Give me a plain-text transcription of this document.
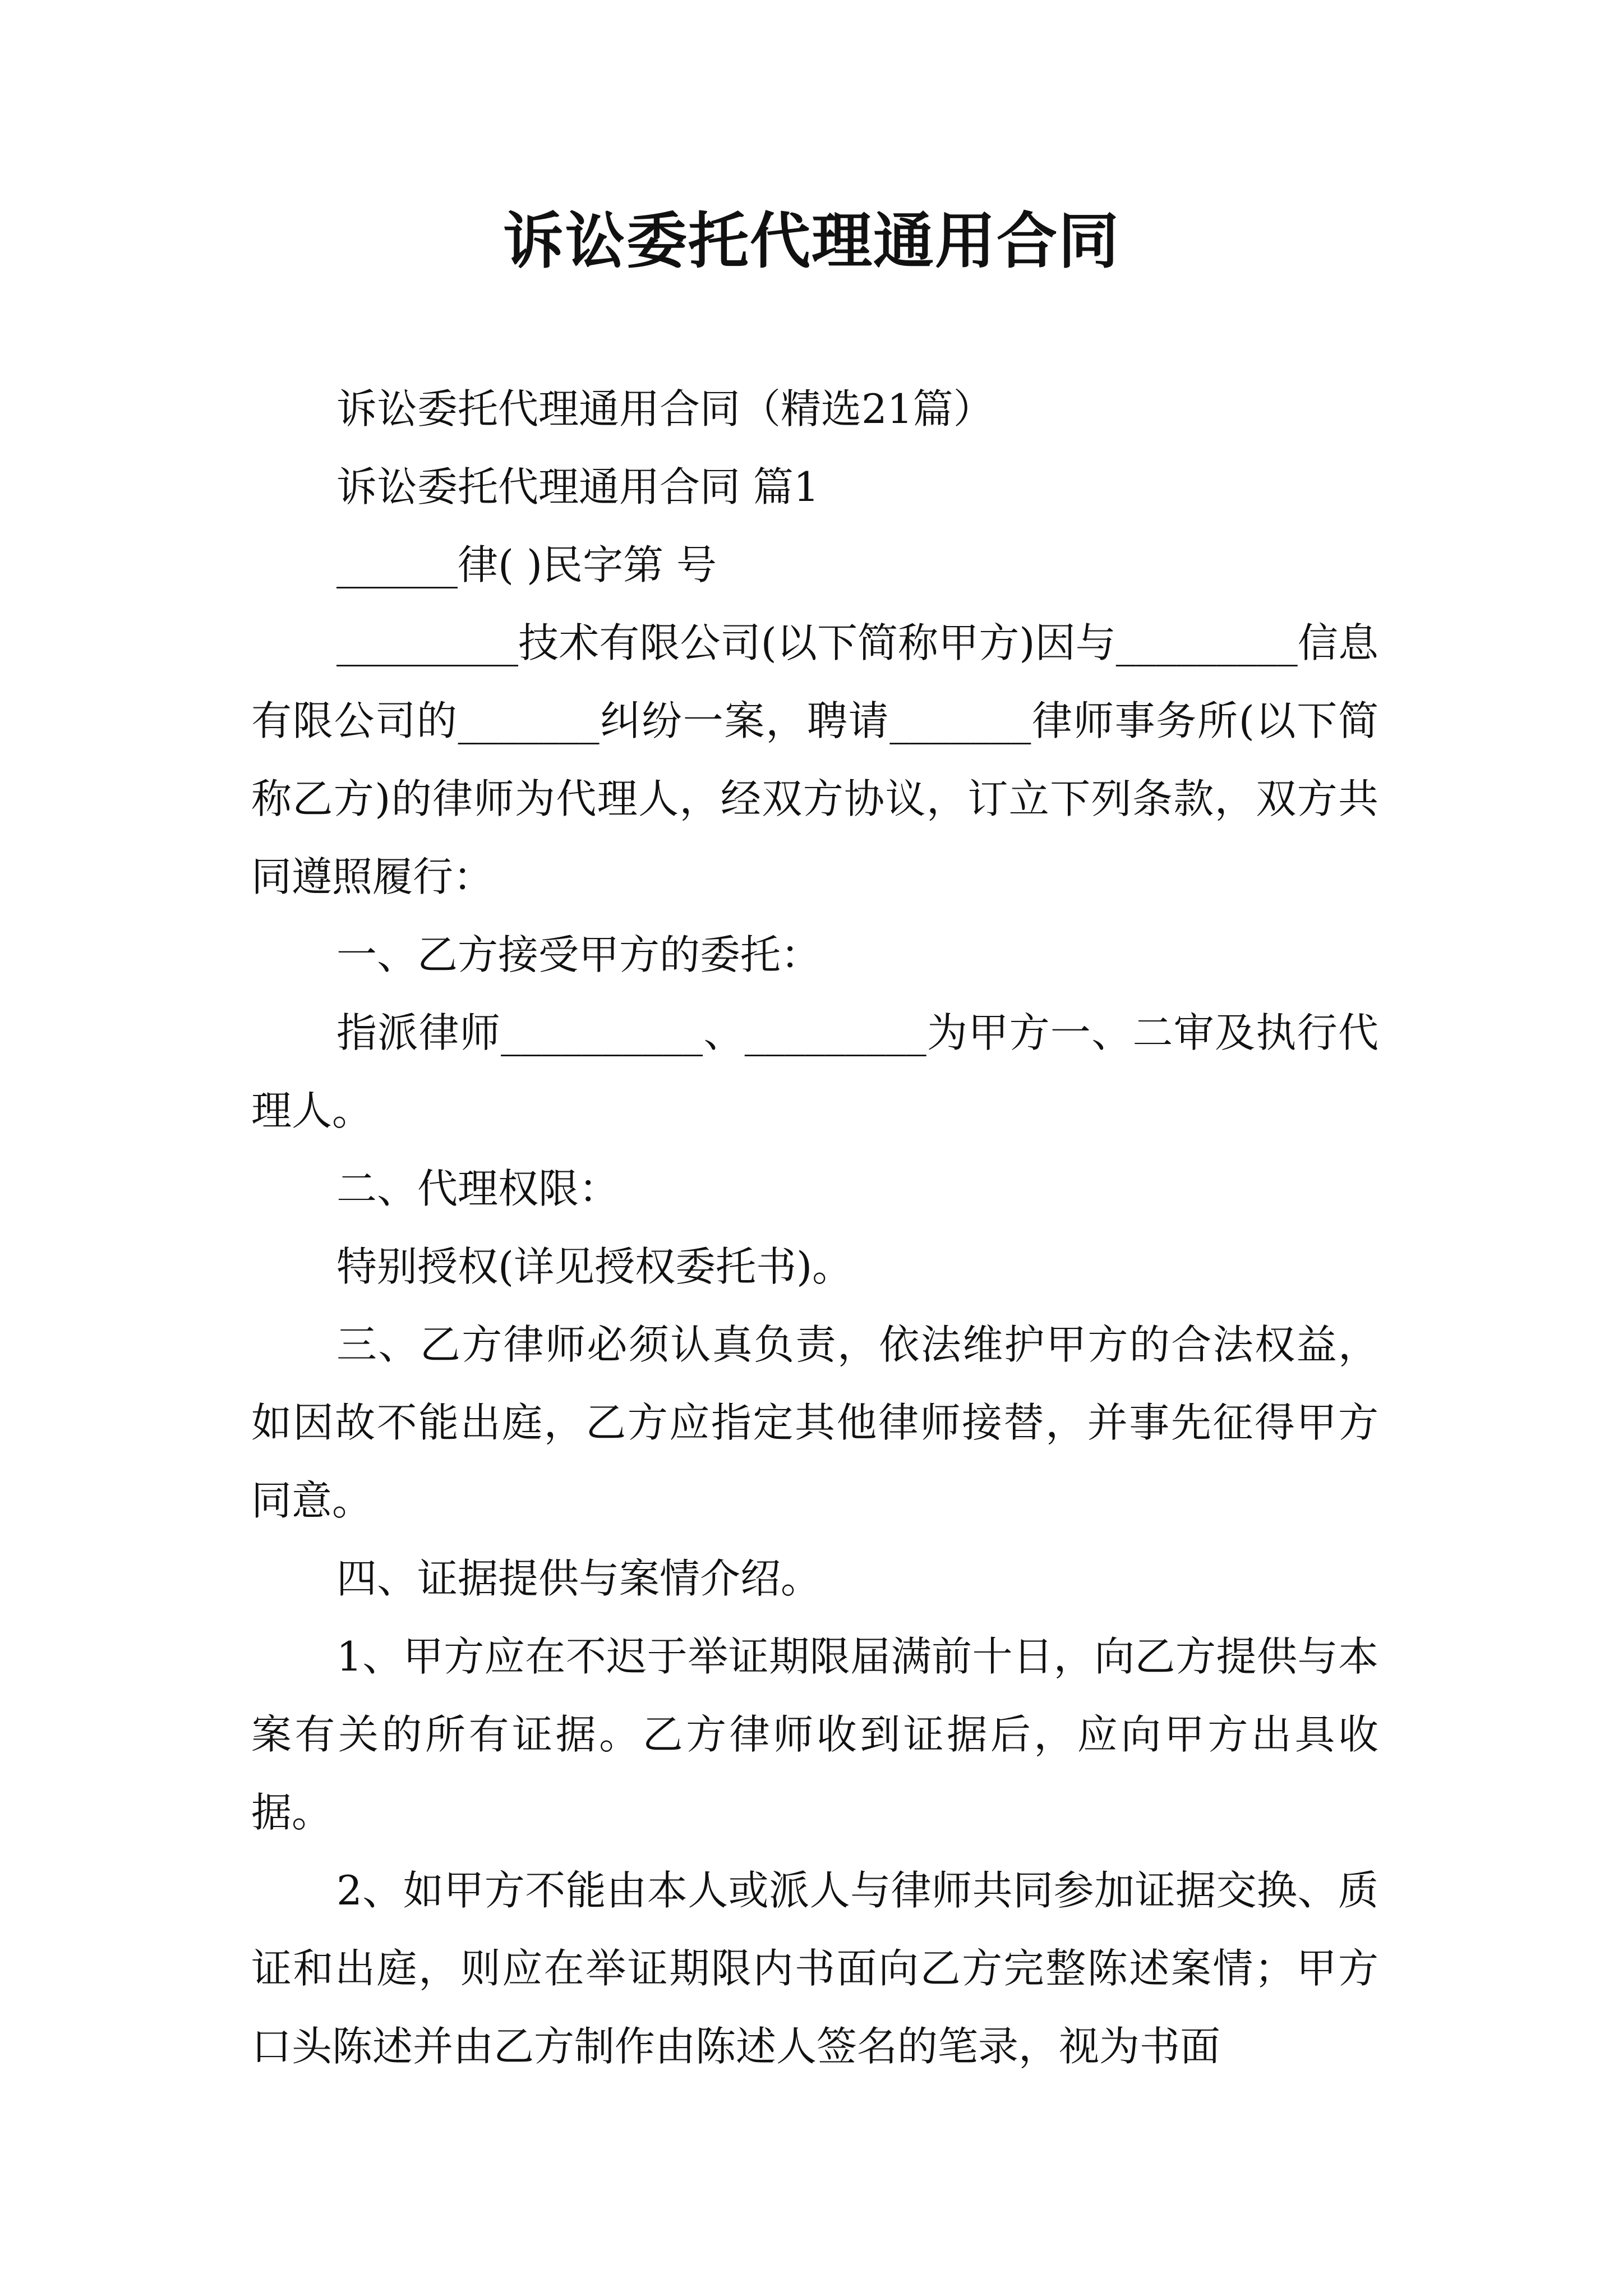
诉讼委托代理通用合同

诉讼委托代理通用合同（精选21篇）

诉讼委托代理通用合同 篇1

______律( )民字第 号

_________技术有限公司(以下简称甲方)因与_________信息有限公司的_______纠纷一案，聘请_______律师事务所(以下简称乙方)的律师为代理人，经双方协议，订立下列条款，双方共同遵照履行：

一、乙方接受甲方的委托：

指派律师__________、_________为甲方一、二审及执行代理人。

二、代理权限：

特别授权(详见授权委托书)。

三、乙方律师必须认真负责，依法维护甲方的合法权益，如因故不能出庭，乙方应指定其他律师接替，并事先征得甲方同意。

四、证据提供与案情介绍。

1、甲方应在不迟于举证期限届满前十日，向乙方提供与本案有关的所有证据。乙方律师收到证据后，应向甲方出具收据。

2、如甲方不能由本人或派人与律师共同参加证据交换、质证和出庭，则应在举证期限内书面向乙方完整陈述案情；甲方口头陈述并由乙方制作由陈述人签名的笔录，视为书面
